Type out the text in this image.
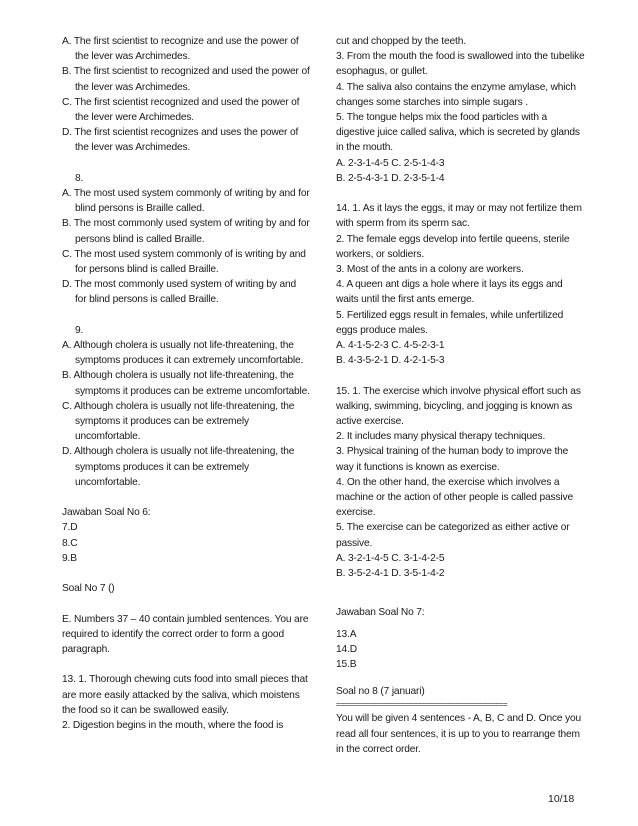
A. The first scientist to recognize and use the power of the lever was Archimedes.
B. The first scientist to recognized and used the power of the lever was Archimedes.
C. The first scientist recognized and used the power of the lever were Archimedes.
D. The first scientist recognizes and uses the power of the lever was Archimedes.
8.
A. The most used system commonly of writing by and for blind persons is Braille called.
B. The most commonly used system of writing by and for persons blind is called Braille.
C. The most used system commonly of is writing by and for persons blind is called Braille.
D. The most commonly used system of writing by and for blind persons is called Braille.
9.
A. Although cholera is usually not life-threatening, the symptoms produces it can extremely uncomfortable.
B. Although cholera is usually not life-threatening, the symptoms it produces can be extreme uncomfortable.
C. Although cholera is usually not life-threatening, the symptoms it produces can be extremely uncomfortable.
D. Although cholera is usually not life-threatening, the symptoms produces it can be extremely uncomfortable.
Jawaban Soal No 6:
7.D
8.C
9.B
Soal No 7 ()
E. Numbers 37 – 40 contain jumbled sentences. You are required to identify the correct order to form a good paragraph.
13. 1. Thorough chewing cuts food into small pieces that are more easily attacked by the saliva, which moistens the food so it can be swallowed easily.
2. Digestion begins in the mouth, where the food is
cut and chopped by the teeth.
3. From the mouth the food is swallowed into the tubelike esophagus, or gullet.
4. The saliva also contains the enzyme amylase, which changes some starches into simple sugars .
5. The tongue helps mix the food particles with a digestive juice called saliva, which is secreted by glands in the mouth.
A. 2-3-1-4-5 C. 2-5-1-4-3
B. 2-5-4-3-1 D. 2-3-5-1-4
14. 1. As it lays the eggs, it may or may not fertilize them with sperm from its sperm sac.
2. The female eggs develop into fertile queens, sterile workers, or soldiers.
3. Most of the ants in a colony are workers.
4. A queen ant digs a hole where it lays its eggs and waits until the first ants emerge.
5. Fertilized eggs result in females, while unfertilized eggs produce males.
A. 4-1-5-2-3 C. 4-5-2-3-1
B. 4-3-5-2-1 D. 4-2-1-5-3
15. 1. The exercise which involve physical effort such as walking, swimming, bicycling, and jogging is known as active exercise.
2. It includes many physical therapy techniques.
3. Physical training of the human body to improve the way it functions is known as exercise.
4. On the other hand, the exercise which involves a machine or the action of other people is called passive exercise.
5. The exercise can be categorized as either active or passive.
A. 3-2-1-4-5 C. 3-1-4-2-5
B. 3-5-2-4-1 D. 3-5-1-4-2
Jawaban Soal No 7:
13.A
14.D
15.B
Soal no 8 (7 januari)
==========================================
You will be given 4 sentences - A, B, C and D. Once you read all four sentences, it is up to you to rearrange them in the correct order.
10/18
